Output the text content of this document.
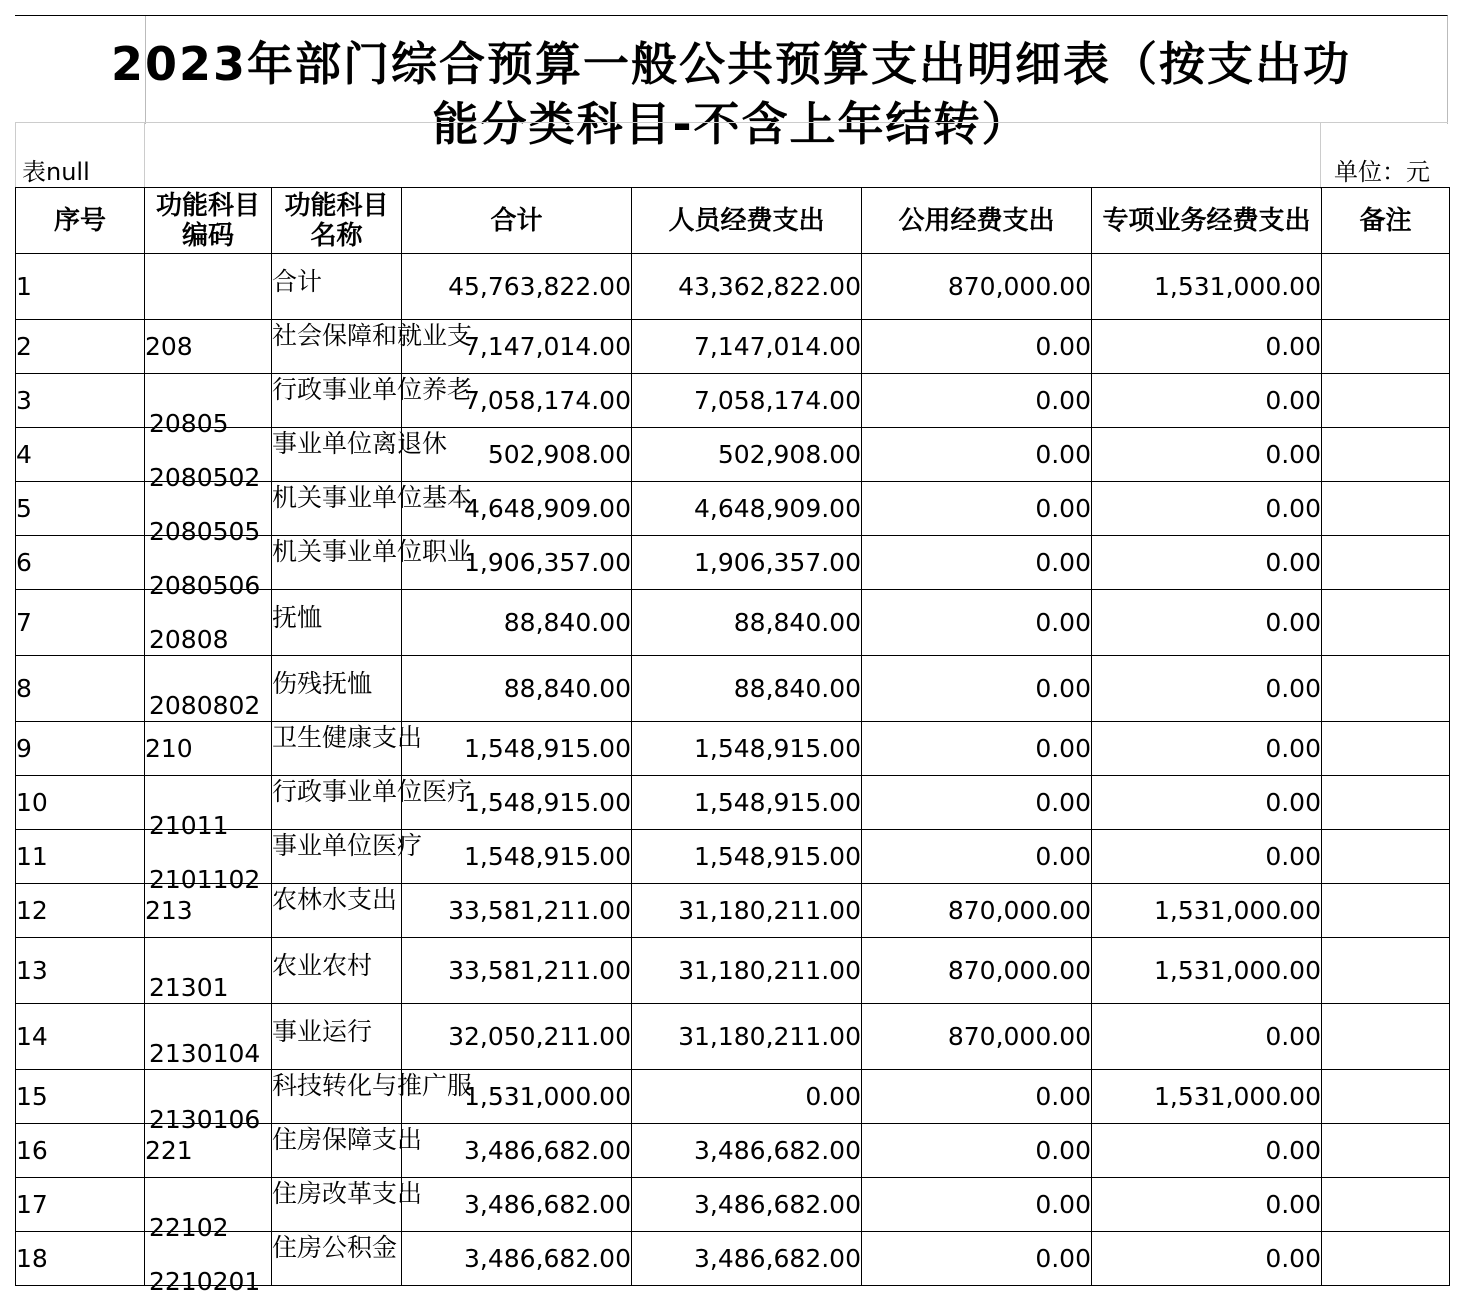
2023年部门综合预算一般公共预算支出明细表（按支出功
能分类科目-不含上年结转）
表null	单位：元
序号	功能科目编码	功能科目名称	合计	人员经费支出	公用经费支出	专项业务经费支出	备注
1		合计	45,763,822.00	43,362,822.00	870,000.00	1,531,000.00	
2	208	社会保障和就业支	7,147,014.00	7,147,014.00	0.00	0.00	
3	20805	行政事业单位养老	7,058,174.00	7,058,174.00	0.00	0.00	
4	2080502	事业单位离退休	502,908.00	502,908.00	0.00	0.00	
5	2080505	机关事业单位基本	4,648,909.00	4,648,909.00	0.00	0.00	
6	2080506	机关事业单位职业	1,906,357.00	1,906,357.00	0.00	0.00	
7	20808	抚恤	88,840.00	88,840.00	0.00	0.00	
8	2080802	伤残抚恤	88,840.00	88,840.00	0.00	0.00	
9	210	卫生健康支出	1,548,915.00	1,548,915.00	0.00	0.00	
10	21011	行政事业单位医疗	1,548,915.00	1,548,915.00	0.00	0.00	
11	2101102	事业单位医疗	1,548,915.00	1,548,915.00	0.00	0.00	
12	213	农林水支出	33,581,211.00	31,180,211.00	870,000.00	1,531,000.00	
13	21301	农业农村	33,581,211.00	31,180,211.00	870,000.00	1,531,000.00	
14	2130104	事业运行	32,050,211.00	31,180,211.00	870,000.00	0.00	
15	2130106	科技转化与推广服	1,531,000.00	0.00	0.00	1,531,000.00	
16	221	住房保障支出	3,486,682.00	3,486,682.00	0.00	0.00	
17	22102	住房改革支出	3,486,682.00	3,486,682.00	0.00	0.00	
18	2210201	住房公积金	3,486,682.00	3,486,682.00	0.00	0.00	
